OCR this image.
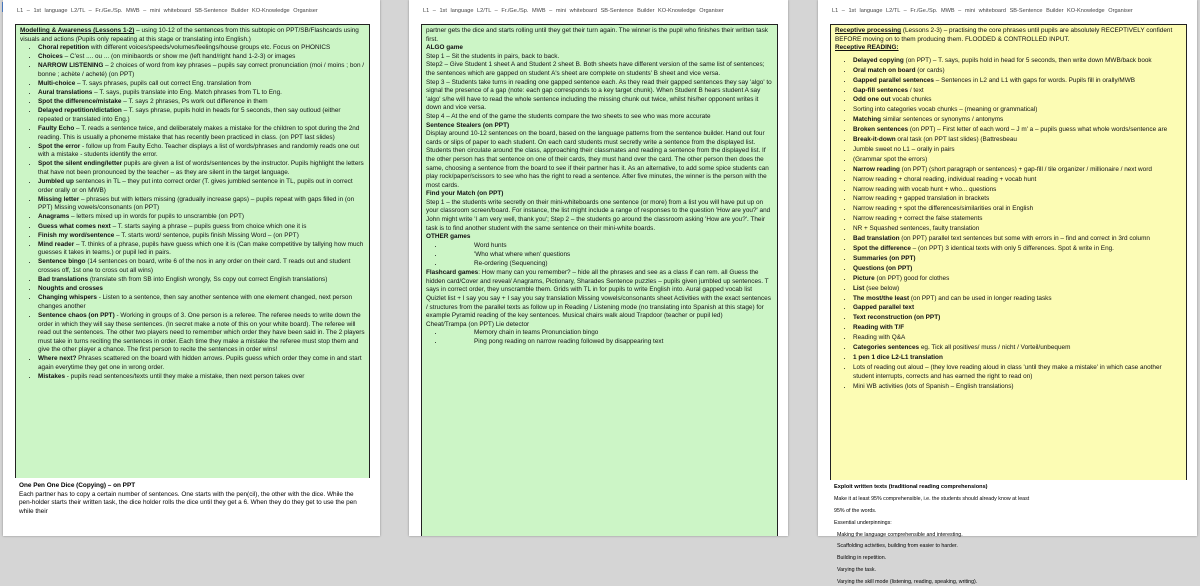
L1 – 1st language L2/TL – Fr./Ge./Sp. MWB – mini whiteboard SB-Sentence Builder KO-Knowledge Organiser

Modelling & Awareness (Lessons 1-2) – using 10-12 of the sentences from this subtopic on PPT/SB/Flashcards using visuals and actions (Pupils only repeating at this stage or translating into English.)

• Choral repetition with different voices/speeds/volumes/feelings/house groups etc. Focus on PHONICS
• Choices – C'est .... ou ... (on minibaords or show me (left hand/right hand 1-2-3) or images
• NARROW LISTENING – 2 choices of word from key phrases – pupils say correct pronunciation (moi / moins ; bon / bonne ; achète / acheté) (on PPT)
• Multi-choice – T. says phrases, pupils call out correct Eng. translation from
• Aural translations – T. says, pupils translate into Eng. Match phrases from TL to Eng.
• Spot the difference/mistake – T. says 2 phrases, Ps work out difference in them
• Delayed repetition/dictation – T. says phrase, pupils hold in heads for 5 seconds, then say outloud (either repeated or translated into Eng.)
• Faulty Echo – T. reads a sentence twice, and deliberately makes a mistake for the children to spot during the 2nd reading. This is usually a phoneme mistake that has recently been practiced in class. (on PPT last slides)
• Spot the error - follow up from Faulty Echo. Teacher displays a list of words/phrases and randomly reads one out with a mistake - students identify the error.
• Spot the silent ending/letter pupils are given a list of words/sentences by the instructor. Pupils highlight the letters that have not been pronounced by the teacher – as they are silent in the target language.
• Jumbled up sentences in TL – they put into correct order (T. gives jumbled sentence in TL, pupils out in correct order orally or on MWB)
• Missing letter – phrases but with letters missing (gradually increase gaps) – pupils repeat with gaps filled in (on PPT) Missing vowels/consonants (on PPT)
• Anagrams – letters mixed up in words for pupils to unscramble (on PPT)
• Guess what comes next – T. starts saying a phrase – pupils guess from choice which one it is
• Finish my word/sentence – T. starts word/ sentence, pupils finish Missing Word – (on PPT)
• Mind reader – T. thinks of a phrase, pupils have guess which one it is (Can make competitive by tallying how much guesses it takes in teams.) or pupil led in pairs.
• Sentence bingo (14 sentences on board, write 6 of the nos in any order on their card. T reads out and student crosses off, 1st one to cross out all wins)
• Bad translations (translate sth from SB into English wrongly, Ss copy out correct English translations)
• Noughts and crosses
• Changing whispers - Listen to a sentence, then say another sentence with one element changed, next person changes another
• Sentence chaos (on PPT) - Working in groups of 3. One person is a referee. The referee needs to write down the order in which they will say these sentences. (In secret make a note of this on your white board). The referee will read out the sentences. The other two players need to remember which order they have been said in. The 2 players must take in turns reciting the sentences in order. Each time they make a mistake the referee must stop them and give the other player a chance. The first person to recite the sentences in order wins!
• Where next? Phrases scattered on the board with hidden arrows. Pupils guess which order they come in and start again everytime they get one in wrong order.
• Mistakes - pupils read sentences/texts until they make a mistake, then next person takes over

One Pen One Dice (Copying) – on PPT

Each partner has to copy a certain number of sentences. One starts with the pen(cil), the other with the dice. While the pen-holder starts their written task, the dice holder rolls the dice until they get a 6. When they do they get to use the pen while their

L1 – 1st language L2/TL – Fr./Ge./Sp. MWB – mini whiteboard SB-Sentence Builder KO-Knowledge Organiser

partner gets the dice and starts rolling until they get their turn again. The winner is the pupil who finishes their written task first.

ALGO game

Step 1 – Sit the students in pairs, back to back.

Step2 – Give Student 1 sheet A and Student 2 sheet B. Both sheets have different version of the same list of sentences; the sentences which are gapped on student A's sheet are complete on students' B sheet and vice versa.

Step 3 – Students take turns in reading one gapped sentence each. As they read their gapped sentences they say 'algo' to signal the presence of a gap (note: each gap corresponds to a key target chunk). When Student B hears student A say 'algo' s/he will have to read the whole sentence including the missing chunk out twice, whilst his/her opponent writes it down and vice versa.

Step 4 – At the end of the game the students compare the two sheets to see who was more accurate

Sentence Stealers (on PPT)

Display around 10-12 sentences on the board, based on the language patterns from the sentence builder. Hand out four cards or slips of paper to each student. On each card students must secretly write a sentence from the displayed list. Students then circulate around the class, approaching their classmates and reading a sentence from the displayed list. If the other person has that sentence on one of their cards, they must hand over the card. The other person then does the same, choosing a sentence from the board to see if their partner has it. As an alternative, to add some spice students can play rock/paper/scissors to see who has the right to read a sentence. After five minutes, the winner is the person with the most cards.

Find your Match (on PPT)

Step 1 – the students write secretly on their mini-whiteboards one sentence (or more) from a list you will have put up on your classroom screen/board. For instance, the list might include a range of responses to the question 'How are you?' and John might write 'I am very well, thank you'; Step 2 – the students go around the classroom asking 'How are you?'. Their task is to find another student with the same sentence on their mini-white boards.

OTHER games

• Word hunts
• 'Who what where when' questions
• Re-ordering (Sequencing)

Flashcard games: How many can you remember? – hide all the phrases and see as a class if can rem. all Guess the hidden card/Cover and reveal/ Anagrams, Pictionary, Sharades Sentence puzzles – pupils given jumbled up sentences. T says in correct order, they unscramble them. Grids with TL in for pupils to write English into. Aural gapped vocab list Quizlet list + I say you say + I say you say translation Missing vowels/consonants sheet Activities with the exact sentences / structures from the parallel texts as follow up in Reading / Listening mode (no translating into Spanish at this stage) for example Pyramid reading of the key sentences. Musical chairs walk aloud Trapdoor (teacher or pupil led)

Cheat/Trampa (on PPT) Lie detector

• Memory chain in teams Pronunciation bingo
• Ping pong reading on narrow reading followed by disappearing text
L1 – 1st language L2/TL – Fr./Ge./Sp. MWB – mini whiteboard SB-Sentence Builder KO-Knowledge Organiser

Receptive processing (Lessons 2-3) – practising the core phrases until pupils are absolutely RECEPTIVELY confident BEFORE moving on to them producing them. FLOODED & CONTROLLED INPUT.

Receptive READING:

• Delayed copying (on PPT) – T. says, pupils hold in head for 5 seconds, then write down MWB/back book
• Oral match on board (or cards)
• Gapped parallel sentences – Sentences in L2 and L1 with gaps for words. Pupils fill in orally/MWB
• Gap-fill sentences / text
• Odd one out vocab chunks
• Sorting into categories vocab chunks – (meaning or grammatical)
• Matching similar sentences or synonyms / antonyms
• Broken sentences (on PPT) – First letter of each word – J m' a – pupils guess what whole words/sentence are
• Break-it-down oral task (on PPT last slides) (Battresbeau
• Jumble sweet no L1 – orally in pairs
• (Grammar spot the errors)
• Narrow reading (on PPT) (short paragraph or sentences) + gap-fill / tile organizer / millionaire / next word
• Narrow reading + choral reading, individual reading + vocab hunt
• Narrow reading with vocab hunt + who... questions
• Narrow reading + gapped translation in brackets
• Narrow reading + spot the differences/similarities oral in English
• Narrow reading + correct the false statements
• NR + Squashed sentences, faulty translation
• Bad translation (on PPT) parallel text sentences but some with errors in – find and correct in 3rd column
• Spot the difference – (on PPT) 3 identical texts with only 5 differences. Spot & write in Eng.
• Summaries (on PPT)
• Questions (on PPT)
• Picture (on PPT) good for clothes
• List (see below)
• The most/the least (on PPT) and can be used in longer reading tasks
• Gapped parallel text
• Text reconstruction (on PPT)
• Reading with T/F
• Reading with Q&A
• Categories sentences eg. Tick all positives/ muss / nicht / Vorteil/unbequem
• 1 pen 1 dice L2-L1 translation
• Lots of reading out aloud – (they love reading aloud in class 'until they make a mistake' in which case another student interrupts, corrects and has earned the right to read on)
• Mini WB activities (lots of Spanish – English translations)

Exploit written texts (traditional reading comprehensions)

Make it at least 95% comprehensible, i.e. the students should already know at least

95% of the words.

Essential underpinnings:

Making the language comprehensible and interesting.

Scaffolding activities, building from easier to harder.

Building in repetition.

Varying the task.

Varying the skill mode (listening, reading, speaking, writing).
